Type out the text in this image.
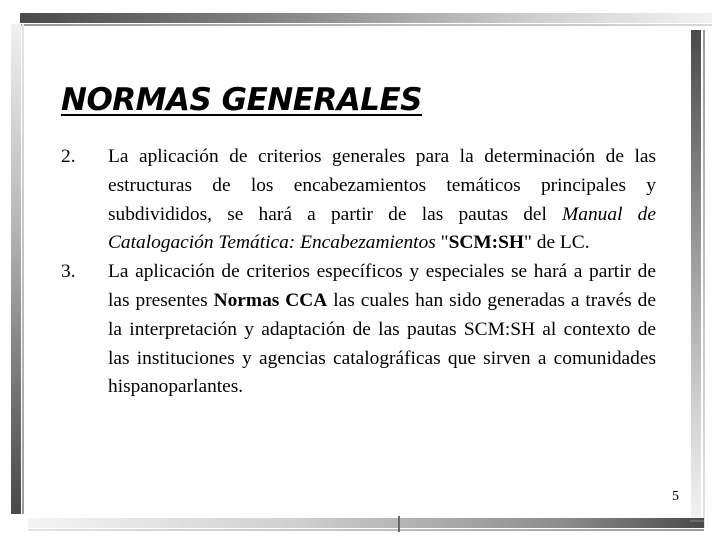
NORMAS GENERALES
2.	La aplicación de criterios generales para la determinación de las estructuras de los encabezamientos temáticos principales y subdivididos, se hará a partir de las pautas del Manual de Catalogación Temática: Encabezamientos "SCM:SH" de LC.
3.	La aplicación de criterios específicos y especiales se hará a partir de las presentes Normas CCA las cuales han sido generadas a través de la interpretación y adaptación de las pautas SCM:SH al contexto de las instituciones y agencias catalográficas que sirven a comunidades hispanoparlantes.
5
